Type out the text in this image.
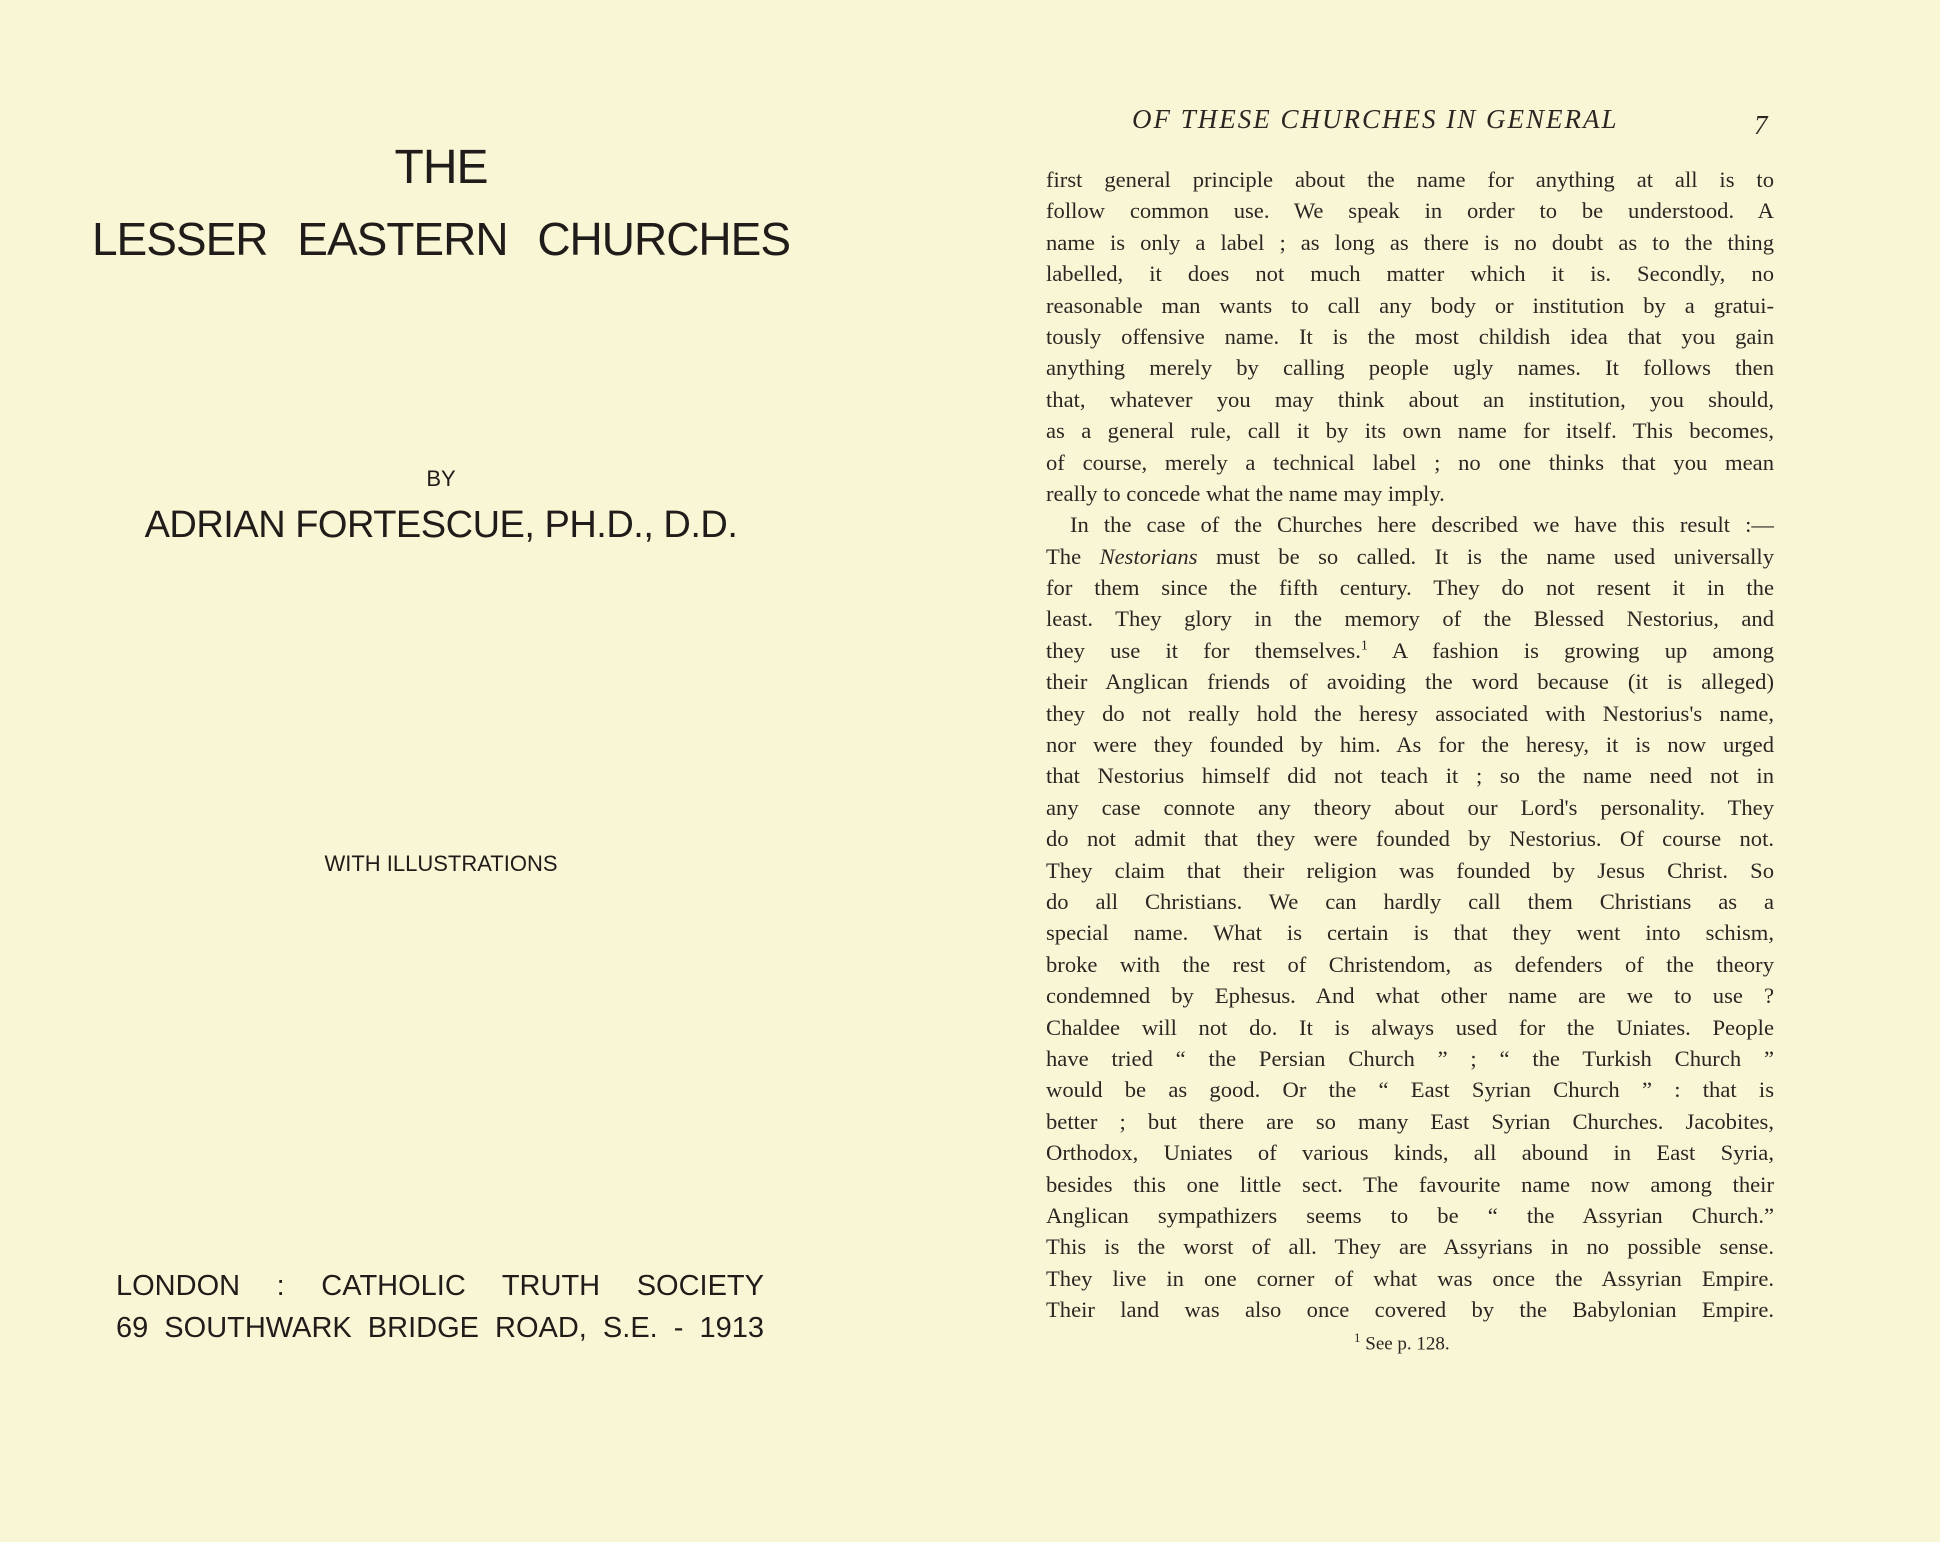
THE
LESSER EASTERN CHURCHES
BY
ADRIAN FORTESCUE, PH.D., D.D.
WITH ILLUSTRATIONS
LONDON : CATHOLIC TRUTH SOCIETY
69 SOUTHWARK BRIDGE ROAD, S.E. - 1913
OF THESE CHURCHES IN GENERAL	7
first general principle about the name for anything at all is to
follow common use. We speak in order to be understood. A
name is only a label ; as long as there is no doubt as to the thing
labelled, it does not much matter which it is. Secondly, no
reasonable man wants to call any body or institution by a gratui-
tously offensive name. It is the most childish idea that you gain
anything merely by calling people ugly names. It follows then
that, whatever you may think about an institution, you should,
as a general rule, call it by its own name for itself. This becomes,
of course, merely a technical label ; no one thinks that you mean
really to concede what the name may imply.
In the case of the Churches here described we have this result :—
The Nestorians must be so called. It is the name used universally
for them since the fifth century. They do not resent it in the
least. They glory in the memory of the Blessed Nestorius, and
they use it for themselves.$^1$ A fashion is growing up among
their Anglican friends of avoiding the word because (it is alleged)
they do not really hold the heresy associated with Nestorius's name,
nor were they founded by him. As for the heresy, it is now urged
that Nestorius himself did not teach it ; so the name need not in
any case connote any theory about our Lord's personality. They
do not admit that they were founded by Nestorius. Of course not.
They claim that their religion was founded by Jesus Christ. So
do all Christians. We can hardly call them Christians as a
special name. What is certain is that they went into schism,
broke with the rest of Christendom, as defenders of the theory
condemned by Ephesus. And what other name are we to use ?
Chaldee will not do. It is always used for the Uniates. People
have tried “ the Persian Church ” ; “ the Turkish Church ”
would be as good. Or the “ East Syrian Church ” : that is
better ; but there are so many East Syrian Churches. Jacobites,
Orthodox, Uniates of various kinds, all abound in East Syria,
besides this one little sect. The favourite name now among their
Anglican sympathizers seems to be “ the Assyrian Church.”
This is the worst of all. They are Assyrians in no possible sense.
They live in one corner of what was once the Assyrian Empire.
Their land was also once covered by the Babylonian Empire.
$^1$ See p. 128.
